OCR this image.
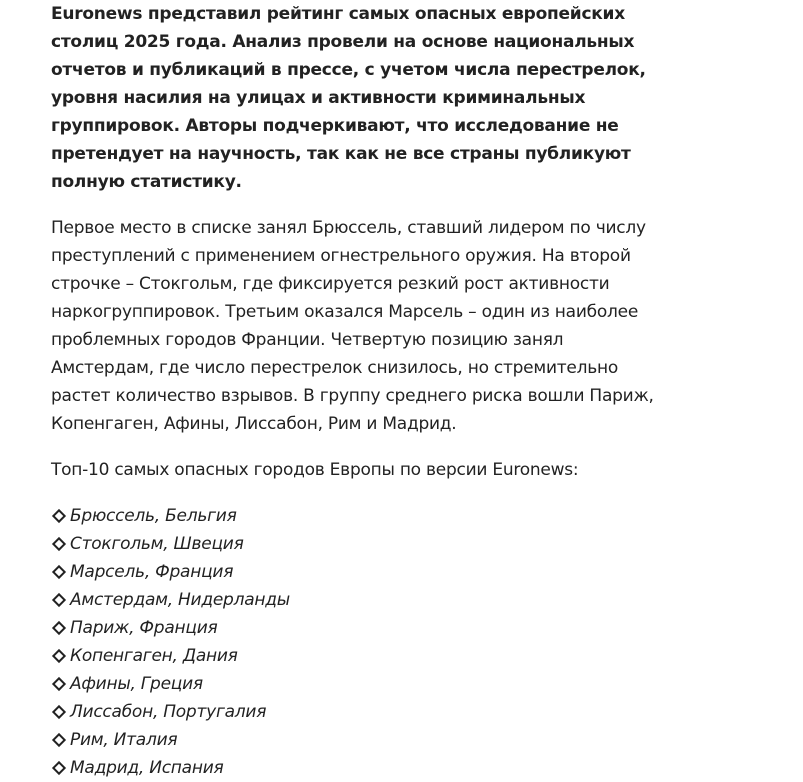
Euronews представил рейтинг самых опасных европейских столиц 2025 года. Анализ провели на основе национальных отчетов и публикаций в прессе, с учетом числа перестрелок, уровня насилия на улицах и активности криминальных группировок. Авторы подчеркивают, что исследование не претендует на научность, так как не все страны публикуют полную статистику.

Первое место в списке занял Брюссель, ставший лидером по числу преступлений с применением огнестрельного оружия. На второй строчке – Стокгольм, где фиксируется резкий рост активности наркогруппировок. Третьим оказался Марсель – один из наиболее проблемных городов Франции. Четвертую позицию занял Амстердам, где число перестрелок снизилось, но стремительно растет количество взрывов. В группу среднего риска вошли Париж, Копенгаген, Афины, Лиссабон, Рим и Мадрид.

Топ-10 самых опасных городов Европы по версии Euronews:

Брюссель, Бельгия
Стокгольм, Швеция
Марсель, Франция
Амстердам, Нидерланды
Париж, Франция
Копенгаген, Дания
Афины, Греция
Лиссабон, Португалия
Рим, Италия
Мадрид, Испания
